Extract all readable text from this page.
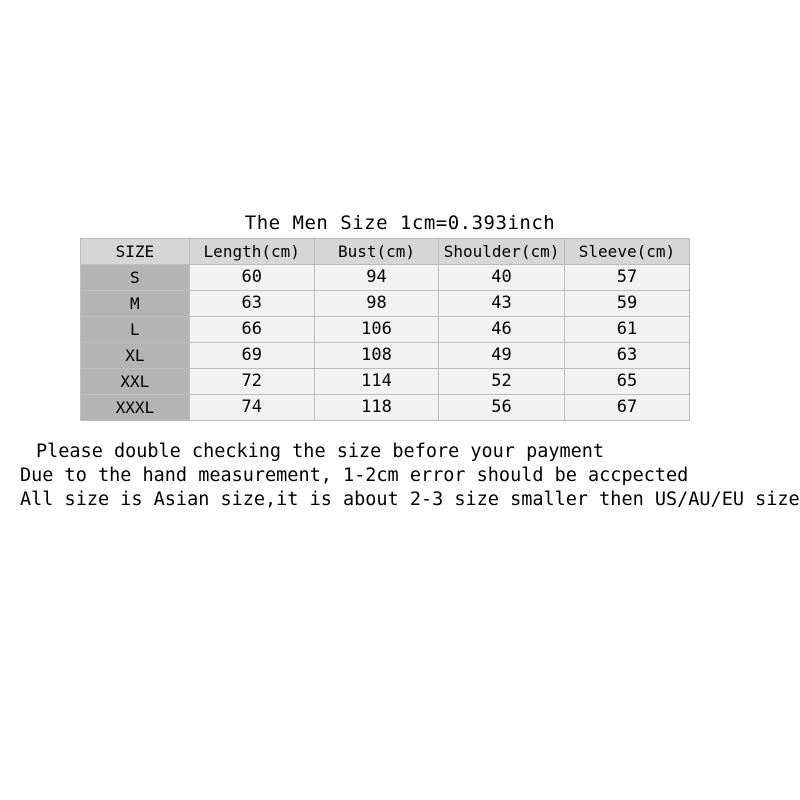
The Men Size 1cm=0.393inch
SIZE	Length(cm)	Bust(cm)	Shoulder(cm)	Sleeve(cm)
S	60	94	40	57
M	63	98	43	59
L	66	106	46	61
XL	69	108	49	63
XXL	72	114	52	65
XXXL	74	118	56	67
Please double checking the size before your payment
Due to the hand measurement, 1-2cm error should be accpected
All size is Asian size,it is about 2-3 size smaller then US/AU/EU size
